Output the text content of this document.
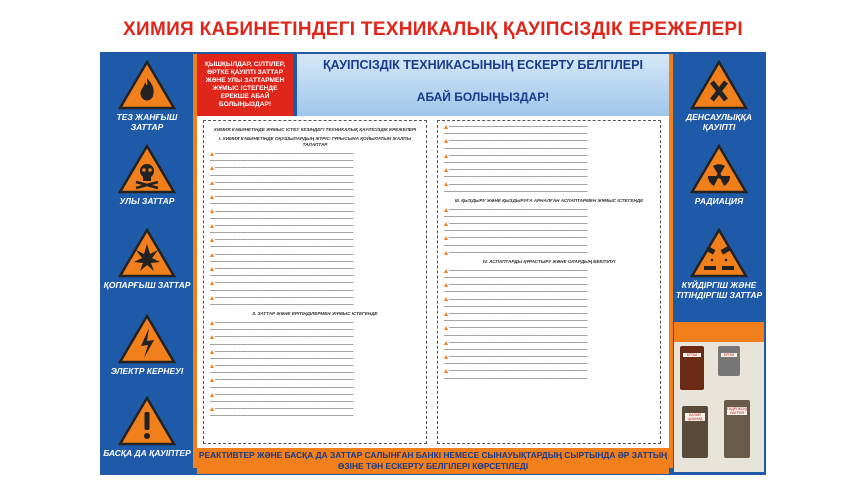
ХИМИЯ КАБИНЕТІНДЕГІ ТЕХНИКАЛЫҚ ҚАУІПСІЗДІК ЕРЕЖЕЛЕРІ
ТЕЗ ЖАНҒЫШ ЗАТТАР
УЛЫ ЗАТТАР
ҚОПАРҒЫШ ЗАТТАР
ЭЛЕКТР КЕРНЕУІ
БАСҚА ДА ҚАУІПТЕР
ДЕНСАУЛЫҚҚА ҚАУІПТІ
РАДИАЦИЯ
КҮЙДІРГІШ ЖӘНЕ ТІТІНДІРГІШ ЗАТТАР
ҚЫШҚЫЛДАР, СІЛТІЛЕР, ӨРТКЕ ҚАУІПТІ ЗАТТАР ЖӘНЕ УЛЫ ЗАТТАРМЕН ЖҰМЫС ІСТЕГЕНДЕ ЕРЕКШЕ АБАЙ БОЛЫҢЫЗДАР!
ҚАУІПСІЗДІК ТЕХНИКАСЫНЫҢ ЕСКЕРТУ БЕЛГІЛЕРІ
АБАЙ БОЛЫҢЫЗДАР!
ХИМИЯ КАБИНЕТІНДЕ ЖҰМЫС ІСТЕУ КЕЗІНДЕГІ ТЕХНИКАЛЫҚ ҚАУІПСІЗДІК ЕРЕЖЕЛЕРІ
I. ХИМИЯ КАБИНЕТІНДЕ ОҚУШЫЛАРДЫҢ ЖҮРІС-ТҰРЫСЫНА ҚОЙЫЛАТЫН ЖАЛПЫ ТАЛАПТАР

━━━━━━━━━━━━━━━━━━━━━━━━━━━━━━━━━━━━━━━━━━━━━━━━━━━━━━━

━━━━━━━━━━━━━━━━━━━━━━━━━━━━━━━━━━━━━━━━━━━━━━━━━━━━━━━━━

━━━━━━━━━━━━━━━━━━━━━━━━━━━━━━━━━━━━━━━━━━━━━━━━━━━━━━━

━━━━━━━━━━━━━━━━━━━━━━━━━━━━━━━━━━━━━━━━━━━━━━━━━━━━━━━━━

━━━━━━━━━━━━━━━━━━━━━━━━━━━━━━━━━━━━━━━━━━━━━━━━━━━━━━━

━━━━━━━━━━━━━━━━━━━━━━━━━━━━━━━━━━━━━━━━━━━━━━━━━━━━━━━━━

━━━━━━━━━━━━━━━━━━━━━━━━━━━━━━━━━━━━━━━━━━━━━━━━━━━━━━━

━━━━━━━━━━━━━━━━━━━━━━━━━━━━━━━━━━━━━━━━━━━━━━━━━━━━━━━━━

━━━━━━━━━━━━━━━━━━━━━━━━━━━━━━━━━━━━━━━━━━━━━━━━━━━━━━━

━━━━━━━━━━━━━━━━━━━━━━━━━━━━━━━━━━━━━━━━━━━━━━━━━━━━━━━━━

━━━━━━━━━━━━━━━━━━━━━━━━━━━━━━━━━━━━━━━━━━━━━━━━━━━━━━━

━━━━━━━━━━━━━━━━━━━━━━━━━━━━━━━━━━━━━━━━━━━━━━━━━━━━━━━━━

━━━━━━━━━━━━━━━━━━━━━━━━━━━━━━━━━━━━━━━━━━━━━━━━━━━━━━━

━━━━━━━━━━━━━━━━━━━━━━━━━━━━━━━━━━━━━━━━━━━━━━━━━━━━━━━━━

━━━━━━━━━━━━━━━━━━━━━━━━━━━━━━━━━━━━━━━━━━━━━━━━━━━━━━━

━━━━━━━━━━━━━━━━━━━━━━━━━━━━━━━━━━━━━━━━━━━━━━━━━━━━━━━━━

━━━━━━━━━━━━━━━━━━━━━━━━━━━━━━━━━━━━━━━━━━━━━━━━━━━━━━━

━━━━━━━━━━━━━━━━━━━━━━━━━━━━━━━━━━━━━━━━━━━━━━━━━━━━━━━━━

━━━━━━━━━━━━━━━━━━━━━━━━━━━━━━━━━━━━━━━━━━━━━━━━━━━━━━━

━━━━━━━━━━━━━━━━━━━━━━━━━━━━━━━━━━━━━━━━━━━━━━━━━━━━━━━━━

━━━━━━━━━━━━━━━━━━━━━━━━━━━━━━━━━━━━━━━━━━━━━━━━━━━━━━━

━━━━━━━━━━━━━━━━━━━━━━━━━━━━━━━━━━━━━━━━━━━━━━━━━━━━━━━━━

II. ЗАТТАР ЖӘНЕ ЕРІТІНДІЛЕРМЕН ЖҰМЫС ІСТЕГЕНДЕ

━━━━━━━━━━━━━━━━━━━━━━━━━━━━━━━━━━━━━━━━━━━━━━━━━━━━━━━

━━━━━━━━━━━━━━━━━━━━━━━━━━━━━━━━━━━━━━━━━━━━━━━━━━━━━━━━━

━━━━━━━━━━━━━━━━━━━━━━━━━━━━━━━━━━━━━━━━━━━━━━━━━━━━━━━

━━━━━━━━━━━━━━━━━━━━━━━━━━━━━━━━━━━━━━━━━━━━━━━━━━━━━━━━━

━━━━━━━━━━━━━━━━━━━━━━━━━━━━━━━━━━━━━━━━━━━━━━━━━━━━━━━

━━━━━━━━━━━━━━━━━━━━━━━━━━━━━━━━━━━━━━━━━━━━━━━━━━━━━━━━━

━━━━━━━━━━━━━━━━━━━━━━━━━━━━━━━━━━━━━━━━━━━━━━━━━━━━━━━

━━━━━━━━━━━━━━━━━━━━━━━━━━━━━━━━━━━━━━━━━━━━━━━━━━━━━━━━━

━━━━━━━━━━━━━━━━━━━━━━━━━━━━━━━━━━━━━━━━━━━━━━━━━━━━━━━

━━━━━━━━━━━━━━━━━━━━━━━━━━━━━━━━━━━━━━━━━━━━━━━━━━━━━━━━━

━━━━━━━━━━━━━━━━━━━━━━━━━━━━━━━━━━━━━━━━━━━━━━━━━━━━━━━

━━━━━━━━━━━━━━━━━━━━━━━━━━━━━━━━━━━━━━━━━━━━━━━━━━━━━━━━━

━━━━━━━━━━━━━━━━━━━━━━━━━━━━━━━━━━━━━━━━━━━━━━━━━━━━━━━

━━━━━━━━━━━━━━━━━━━━━━━━━━━━━━━━━━━━━━━━━━━━━━━━━━━━━━━━━

━━━━━━━━━━━━━━━━━━━━━━━━━━━━━━━━━━━━━━━━━━━━━━━━━━━━━━━

━━━━━━━━━━━━━━━━━━━━━━━━━━━━━━━━━━━━━━━━━━━━━━━━━━━━━━━━━

━━━━━━━━━━━━━━━━━━━━━━━━━━━━━━━━━━━━━━━━━━━━━━━━━━━━━━━

━━━━━━━━━━━━━━━━━━━━━━━━━━━━━━━━━━━━━━━━━━━━━━━━━━━━━━━━━

━━━━━━━━━━━━━━━━━━━━━━━━━━━━━━━━━━━━━━━━━━━━━━━━━━━━━━━

━━━━━━━━━━━━━━━━━━━━━━━━━━━━━━━━━━━━━━━━━━━━━━━━━━━━━━━━━

━━━━━━━━━━━━━━━━━━━━━━━━━━━━━━━━━━━━━━━━━━━━━━━━━━━━━━━

━━━━━━━━━━━━━━━━━━━━━━━━━━━━━━━━━━━━━━━━━━━━━━━━━━━━━━━━━

━━━━━━━━━━━━━━━━━━━━━━━━━━━━━━━━━━━━━━━━━━━━━━━━━━━━━━━

━━━━━━━━━━━━━━━━━━━━━━━━━━━━━━━━━━━━━━━━━━━━━━━━━━━━━━━━━

III. ҚЫЗДЫРУ ЖӘНЕ ҚЫЗДЫРУҒА АРНАЛҒАН АСПАПТАРМЕН ЖҰМЫС ІСТЕГЕНДЕ

━━━━━━━━━━━━━━━━━━━━━━━━━━━━━━━━━━━━━━━━━━━━━━━━━━━━━━━

━━━━━━━━━━━━━━━━━━━━━━━━━━━━━━━━━━━━━━━━━━━━━━━━━━━━━━━━━

━━━━━━━━━━━━━━━━━━━━━━━━━━━━━━━━━━━━━━━━━━━━━━━━━━━━━━━

━━━━━━━━━━━━━━━━━━━━━━━━━━━━━━━━━━━━━━━━━━━━━━━━━━━━━━━━━

━━━━━━━━━━━━━━━━━━━━━━━━━━━━━━━━━━━━━━━━━━━━━━━━━━━━━━━

━━━━━━━━━━━━━━━━━━━━━━━━━━━━━━━━━━━━━━━━━━━━━━━━━━━━━━━━━

━━━━━━━━━━━━━━━━━━━━━━━━━━━━━━━━━━━━━━━━━━━━━━━━━━━━━━━

IV. АСПАПТАРДЫ ҚҰРАСТЫРУ ЖӘНЕ ОЛАРДЫҢ БЕКІТІЛУІ

━━━━━━━━━━━━━━━━━━━━━━━━━━━━━━━━━━━━━━━━━━━━━━━━━━━━━━━

━━━━━━━━━━━━━━━━━━━━━━━━━━━━━━━━━━━━━━━━━━━━━━━━━━━━━━━━━

━━━━━━━━━━━━━━━━━━━━━━━━━━━━━━━━━━━━━━━━━━━━━━━━━━━━━━━

━━━━━━━━━━━━━━━━━━━━━━━━━━━━━━━━━━━━━━━━━━━━━━━━━━━━━━━━━

━━━━━━━━━━━━━━━━━━━━━━━━━━━━━━━━━━━━━━━━━━━━━━━━━━━━━━━

━━━━━━━━━━━━━━━━━━━━━━━━━━━━━━━━━━━━━━━━━━━━━━━━━━━━━━━━━

━━━━━━━━━━━━━━━━━━━━━━━━━━━━━━━━━━━━━━━━━━━━━━━━━━━━━━━

━━━━━━━━━━━━━━━━━━━━━━━━━━━━━━━━━━━━━━━━━━━━━━━━━━━━━━━━━

━━━━━━━━━━━━━━━━━━━━━━━━━━━━━━━━━━━━━━━━━━━━━━━━━━━━━━━

━━━━━━━━━━━━━━━━━━━━━━━━━━━━━━━━━━━━━━━━━━━━━━━━━━━━━━━━━

━━━━━━━━━━━━━━━━━━━━━━━━━━━━━━━━━━━━━━━━━━━━━━━━━━━━━━━

━━━━━━━━━━━━━━━━━━━━━━━━━━━━━━━━━━━━━━━━━━━━━━━━━━━━━━━━━

━━━━━━━━━━━━━━━━━━━━━━━━━━━━━━━━━━━━━━━━━━━━━━━━━━━━━━━

━━━━━━━━━━━━━━━━━━━━━━━━━━━━━━━━━━━━━━━━━━━━━━━━━━━━━━━━━

━━━━━━━━━━━━━━━━━━━━━━━━━━━━━━━━━━━━━━━━━━━━━━━━━━━━━━━

━━━━━━━━━━━━━━━━━━━━━━━━━━━━━━━━━━━━━━━━━━━━━━━━━━━━━━━━━

РЕАКТИВТЕР ЖӘНЕ БАСҚА ДА ЗАТТАР САЛЫНҒАН БАНКІ НЕМЕСЕ СЫНАУЫҚТАРДЫҢ СЫРТЫНДА ӘР ЗАТТЫҢ ӨЗІНЕ ТӘН ЕСКЕРТУ БЕЛГІЛЕРІ КӨРСЕТІЛЕДІ
БРОМ	БРОМ
КАЛИЙ ЦИАНИД
ГИДРОКСИД НАТРИЯ
